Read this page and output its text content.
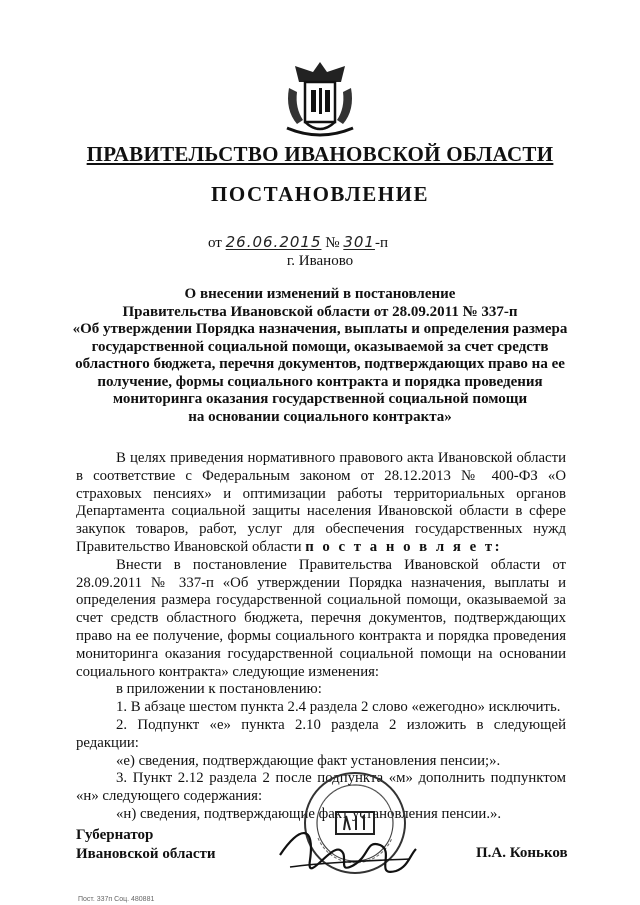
ПРАВИТЕЛЬСТВО ИВАНОВСКОЙ ОБЛАСТИ
ПОСТАНОВЛЕНИЕ
от 26.06.2015 № 301-п
г. Иваново
О внесении изменений в постановление
Правительства Ивановской области от 28.09.2011 № 337-п
«Об утверждении Порядка назначения, выплаты и определения размера
государственной социальной помощи, оказываемой за счет средств
областного бюджета, перечня документов, подтверждающих право на ее
получение, формы социального контракта и порядка проведения
мониторинга оказания государственной социальной помощи
на основании социального контракта»

В целях приведения нормативного правового акта Ивановской области в соответствие с Федеральным законом от 28.12.2013 № 400-ФЗ «О страховых пенсиях» и оптимизации работы территориальных органов Департамента социальной защиты населения Ивановской области в сфере закупок товаров, работ, услуг для обеспечения государственных нужд Правительство Ивановской области п о с т а н о в л я е т:

Внести в постановление Правительства Ивановской области от 28.09.2011 № 337-п «Об утверждении Порядка назначения, выплаты и определения размера государственной социальной помощи, оказываемой за счет средств областного бюджета, перечня документов, подтверждающих право на ее получение, формы социального контракта и порядка проведения мониторинга оказания государственной социальной помощи на основании социального контракта» следующие изменения:

в приложении к постановлению:

1. В абзаце шестом пункта 2.4 раздела 2 слово «ежегодно» исключить.

2. Подпункт «е» пункта 2.10 раздела 2 изложить в следующей редакции:

«е) сведения, подтверждающие факт установления пенсии;».

3. Пункт 2.12 раздела 2 после подпункта «м» дополнить подпунктом «н» следующего содержания:

«н) сведения, подтверждающие факт установления пенсии.».

Губернатор
Ивановской области	П.А. Коньков
Пост. 337п Соц. 480881
